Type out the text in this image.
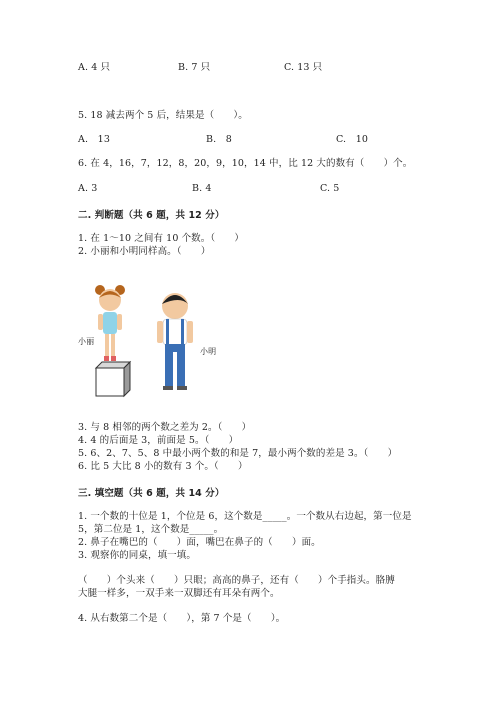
A. 4 只	B. 7 只	C. 13 只
5. 18 减去两个 5 后，结果是（　　）。
A.　13	B.　8	C.　10
6. 在 4，16，7，12，8，20，9，10，14 中，比 12 大的数有（　　）个。
A. 3	B. 4	C. 5
二. 判断题（共 6 题，共 12 分）
1. 在 1～10 之间有 10 个数。（　　）
2. 小丽和小明同样高。（　　）
小丽
小明
3. 与 8 相邻的两个数之差为 2。（　　）
4. 4 的后面是 3，前面是 5。（　　）
5. 6、2、7、5、8 中最小两个数的和是 7，最小两个数的差是 3。（　　）
6. 比 5 大比 8 小的数有 3 个。（　　）
三. 填空题（共 6 题，共 14 分）
1. 一个数的十位是 1，个位是 6，这个数是_____。一个数从右边起，第一位是
5，第二位是 1，这个数是_____。
2. 鼻子在嘴巴的（　　）面，嘴巴在鼻子的（　　）面。
3. 观察你的同桌，填一填。
（　　）个头来（　　）只眼；高高的鼻子，还有（　　）个手指头。胳膊
大腿一样多，一双手来一双脚还有耳朵有两个。
4. 从右数第二个是（　　），第 7 个是（　　）。
